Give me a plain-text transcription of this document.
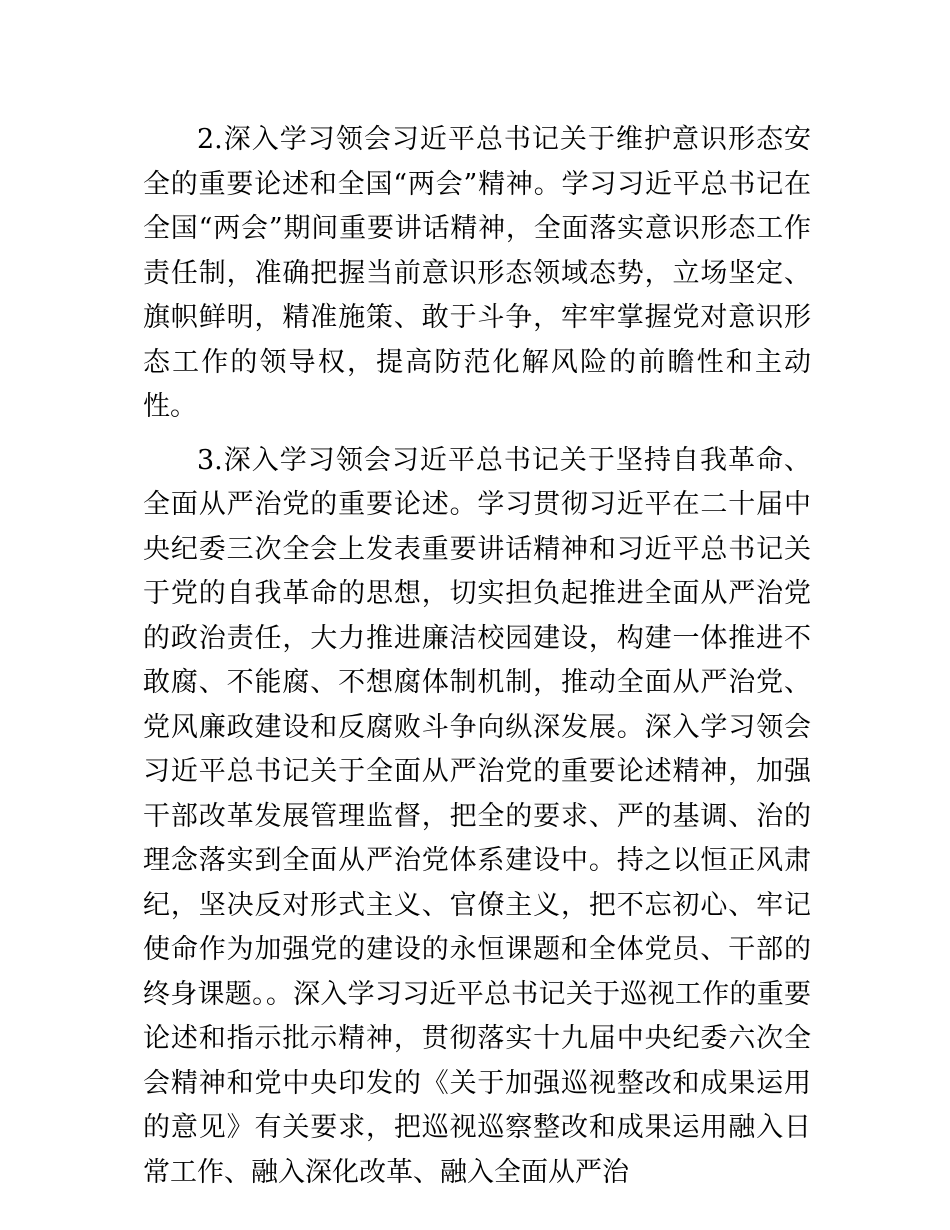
2.深入学习领会习近平总书记关于维护意识形态安全的重要论述和全国“两会”精神。学习习近平总书记在全国“两会”期间重要讲话精神，全面落实意识形态工作责任制，准确把握当前意识形态领域态势，立场坚定、旗帜鲜明，精准施策、敢于斗争，牢牢掌握党对意识形态工作的领导权，提高防范化解风险的前瞻性和主动性。

3.深入学习领会习近平总书记关于坚持自我革命、全面从严治党的重要论述。学习贯彻习近平在二十届中央纪委三次全会上发表重要讲话精神和习近平总书记关于党的自我革命的思想，切实担负起推进全面从严治党的政治责任，大力推进廉洁校园建设，构建一体推进不敢腐、不能腐、不想腐体制机制，推动全面从严治党、党风廉政建设和反腐败斗争向纵深发展。深入学习领会习近平总书记关于全面从严治党的重要论述精神，加强干部改革发展管理监督，把全的要求、严的基调、治的理念落实到全面从严治党体系建设中。持之以恒正风肃纪，坚决反对形式主义、官僚主义，把不忘初心、牢记使命作为加强党的建设的永恒课题和全体党员、干部的终身课题。。深入学习习近平总书记关于巡视工作的重要论述和指示批示精神，贯彻落实十九届中央纪委六次全会精神和党中央印发的《关于加强巡视整改和成果运用的意见》有关要求，把巡视巡察整改和成果运用融入日常工作、融入深化改革、融入全面从严治
